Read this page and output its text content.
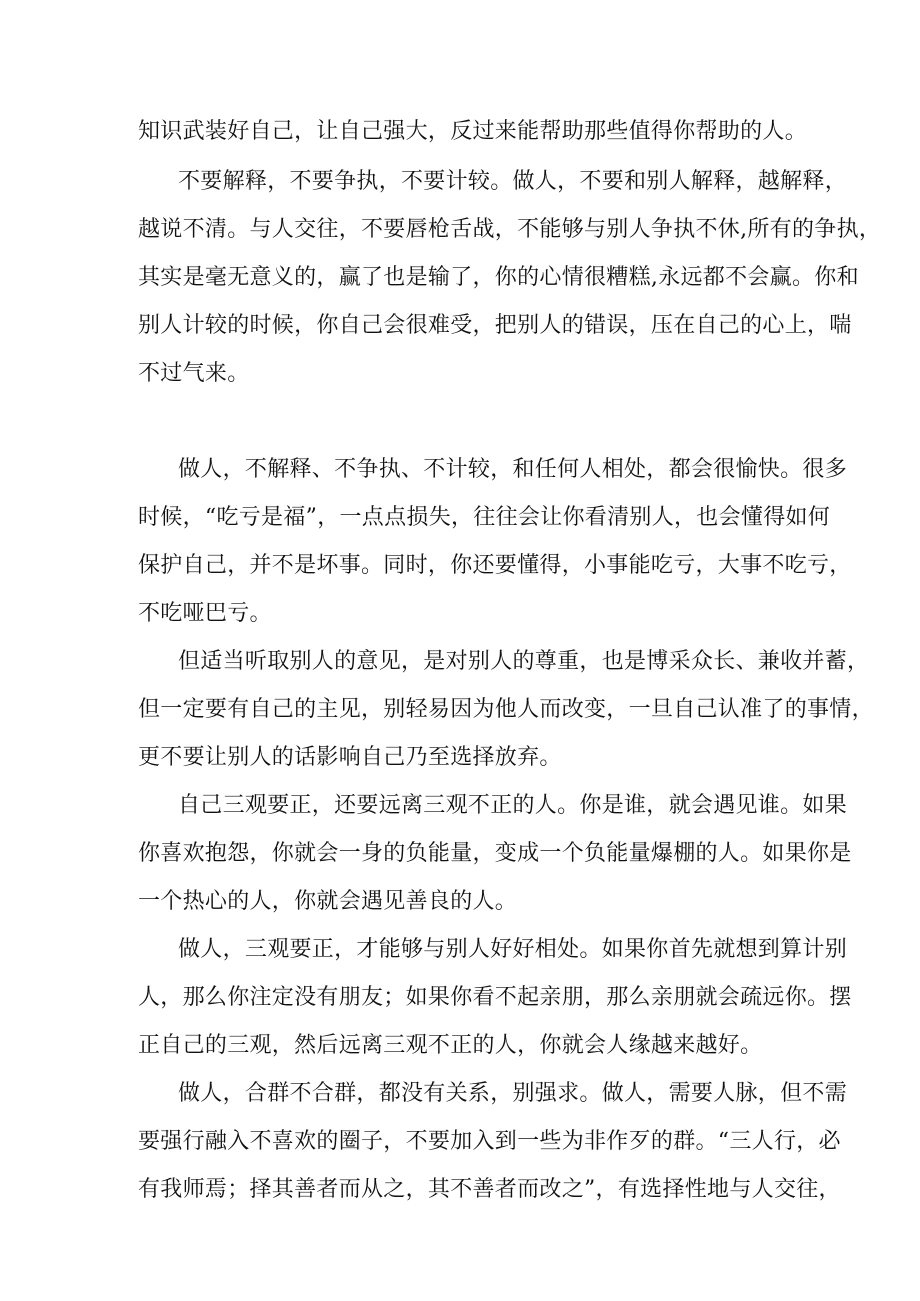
知识武装好自己，让自己强大，反过来能帮助那些值得你帮助的人。
不要解释，不要争执，不要计较。做人，不要和别人解释，越解释，
越说不清。与人交往，不要唇枪舌战，不能够与别人争执不休,所有的争执，
其实是毫无意义的，赢了也是输了，你的心情很糟糕,永远都不会赢。你和
别人计较的时候，你自己会很难受，把别人的错误，压在自己的心上，喘
不过气来。
做人，不解释、不争执、不计较，和任何人相处，都会很愉快。很多
时候，“吃亏是福”，一点点损失，往往会让你看清别人，也会懂得如何
保护自己，并不是坏事。同时，你还要懂得，小事能吃亏，大事不吃亏，
不吃哑巴亏。
但适当听取别人的意见，是对别人的尊重，也是博采众长、兼收并蓄，
但一定要有自己的主见，别轻易因为他人而改变，一旦自己认准了的事情，
更不要让别人的话影响自己乃至选择放弃。
自己三观要正，还要远离三观不正的人。你是谁，就会遇见谁。如果
你喜欢抱怨，你就会一身的负能量，变成一个负能量爆棚的人。如果你是
一个热心的人，你就会遇见善良的人。
做人，三观要正，才能够与别人好好相处。如果你首先就想到算计别
人，那么你注定没有朋友；如果你看不起亲朋，那么亲朋就会疏远你。摆
正自己的三观，然后远离三观不正的人，你就会人缘越来越好。
做人，合群不合群，都没有关系，别强求。做人，需要人脉，但不需
要强行融入不喜欢的圈子，不要加入到一些为非作歹的群。“三人行，必
有我师焉；择其善者而从之，其不善者而改之”，有选择性地与人交往，
